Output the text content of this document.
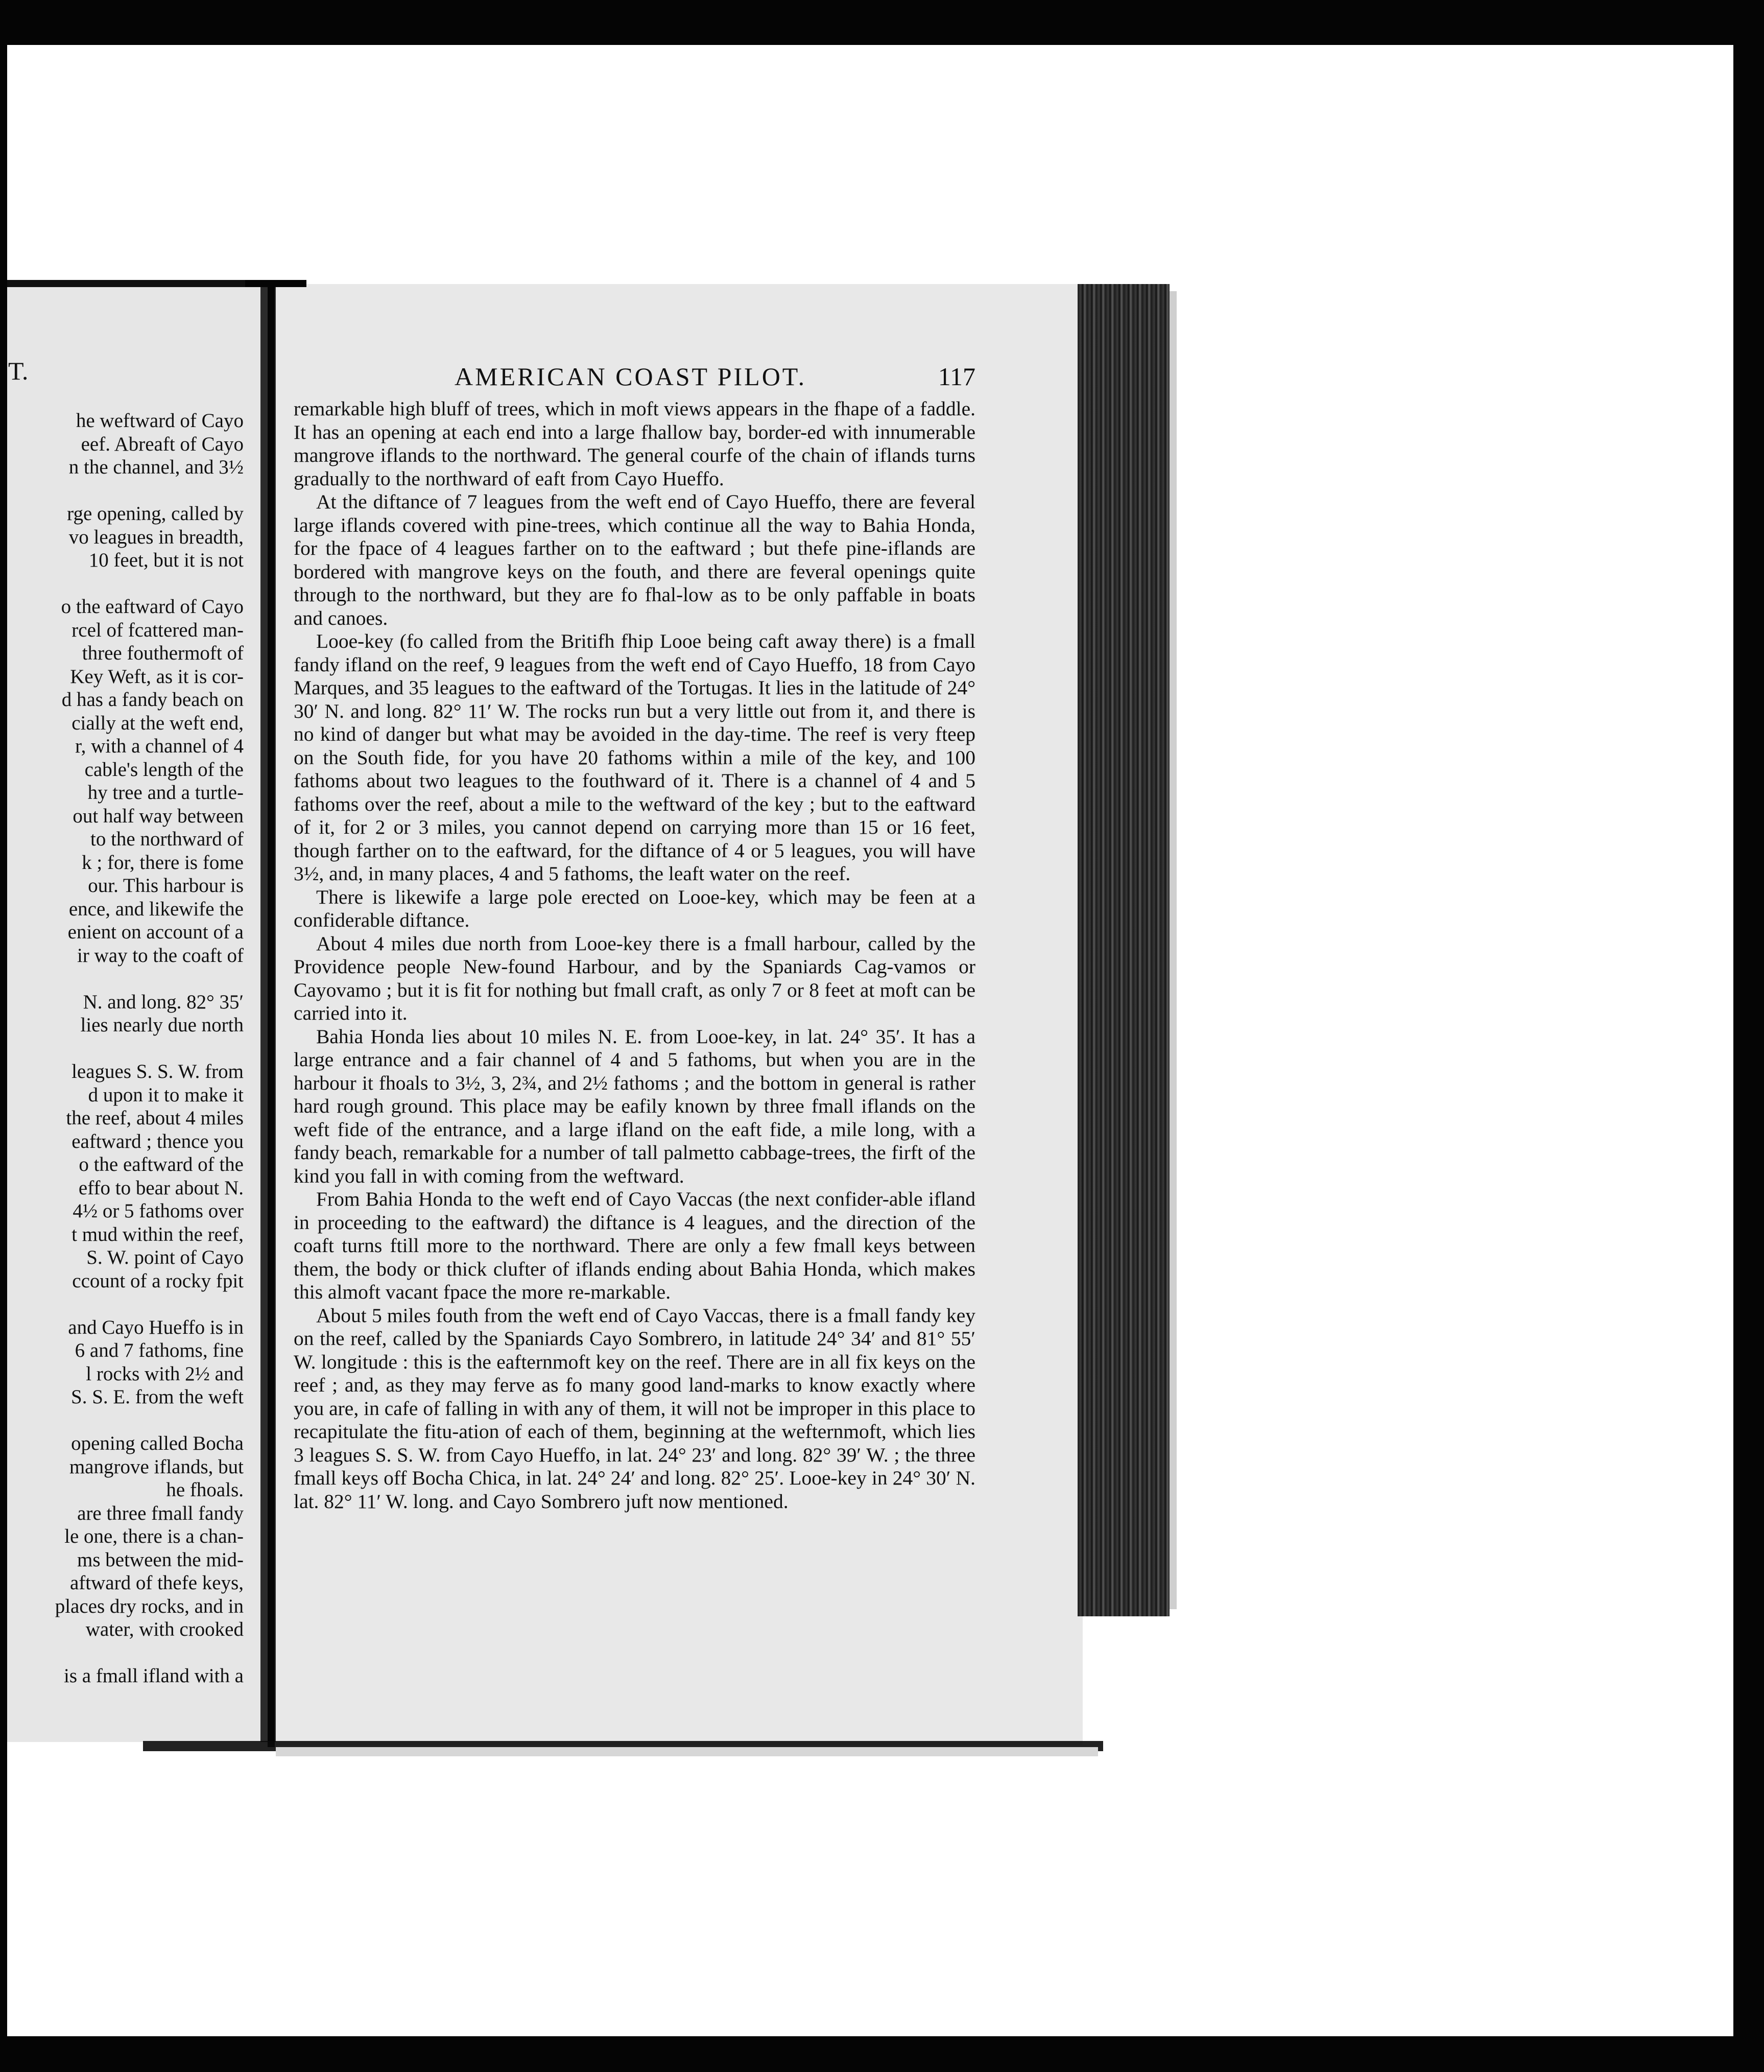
T.
he weftward of Cayo
eef. Abreaft of Cayo
n the channel, and 3½
rge opening, called by
vo leagues in breadth,
10 feet, but it is not
o the eaftward of Cayo
rcel of fcattered man-
three fouthermoft of
Key Weft, as it is cor-
d has a fandy beach on
cially at the weft end,
r, with a channel of 4
cable's length of the
hy tree and a turtle-
out half way between
to the northward of
k ; for, there is fome
our. This harbour is
ence, and likewife the
enient on account of a
ir way to the coaft of
N. and long. 82° 35′
lies nearly due north
leagues S. S. W. from
d upon it to make it
the reef, about 4 miles
eaftward ; thence you
o the eaftward of the
effo to bear about N.
4½ or 5 fathoms over
t mud within the reef,
S. W. point of Cayo
ccount of a rocky fpit
and Cayo Hueffo is in
6 and 7 fathoms, fine
l rocks with 2½ and
S. S. E. from the weft
opening called Bocha
mangrove iflands, but
he fhoals.
are three fmall fandy
le one, there is a chan-
ms between the mid-
aftward of thefe keys,
places dry rocks, and in
water, with crooked
is a fmall ifland with a
AMERICAN COAST PILOT.	117

remarkable high bluff of trees, which in moft views appears in the fhape of a faddle. It has an opening at each end into a large fhallow bay, border-ed with innumerable mangrove iflands to the northward. The general courfe of the chain of iflands turns gradually to the northward of eaft from Cayo Hueffo.

At the diftance of 7 leagues from the weft end of Cayo Hueffo, there are feveral large iflands covered with pine-trees, which continue all the way to Bahia Honda, for the fpace of 4 leagues farther on to the eaftward ; but thefe pine-iflands are bordered with mangrove keys on the fouth, and there are feveral openings quite through to the northward, but they are fo fhal-low as to be only paffable in boats and canoes.

Looe-key (fo called from the Britifh fhip Looe being caft away there) is a fmall fandy ifland on the reef, 9 leagues from the weft end of Cayo Hueffo, 18 from Cayo Marques, and 35 leagues to the eaftward of the Tortugas. It lies in the latitude of 24° 30′ N. and long. 82° 11′ W. The rocks run but a very little out from it, and there is no kind of danger but what may be avoided in the day-time. The reef is very fteep on the South fide, for you have 20 fathoms within a mile of the key, and 100 fathoms about two leagues to the fouthward of it. There is a channel of 4 and 5 fathoms over the reef, about a mile to the weftward of the key ; but to the eaftward of it, for 2 or 3 miles, you cannot depend on carrying more than 15 or 16 feet, though farther on to the eaftward, for the diftance of 4 or 5 leagues, you will have 3½, and, in many places, 4 and 5 fathoms, the leaft water on the reef.

There is likewife a large pole erected on Looe-key, which may be feen at a confiderable diftance.

About 4 miles due north from Looe-key there is a fmall harbour, called by the Providence people New-found Harbour, and by the Spaniards Cag-vamos or Cayovamo ; but it is fit for nothing but fmall craft, as only 7 or 8 feet at moft can be carried into it.

Bahia Honda lies about 10 miles N. E. from Looe-key, in lat. 24° 35′. It has a large entrance and a fair channel of 4 and 5 fathoms, but when you are in the harbour it fhoals to 3½, 3, 2¾, and 2½ fathoms ; and the bottom in general is rather hard rough ground. This place may be eafily known by three fmall iflands on the weft fide of the entrance, and a large ifland on the eaft fide, a mile long, with a fandy beach, remarkable for a number of tall palmetto cabbage-trees, the firft of the kind you fall in with coming from the weftward.

From Bahia Honda to the weft end of Cayo Vaccas (the next confider-able ifland in proceeding to the eaftward) the diftance is 4 leagues, and the direction of the coaft turns ftill more to the northward. There are only a few fmall keys between them, the body or thick clufter of iflands ending about Bahia Honda, which makes this almoft vacant fpace the more re-markable.

About 5 miles fouth from the weft end of Cayo Vaccas, there is a fmall fandy key on the reef, called by the Spaniards Cayo Sombrero, in latitude 24° 34′ and 81° 55′ W. longitude : this is the eafternmoft key on the reef. There are in all fix keys on the reef ; and, as they may ferve as fo many good land-marks to know exactly where you are, in cafe of falling in with any of them, it will not be improper in this place to recapitulate the fitu-ation of each of them, beginning at the wefternmoft, which lies 3 leagues S. S. W. from Cayo Hueffo, in lat. 24° 23′ and long. 82° 39′ W. ; the three fmall keys off Bocha Chica, in lat. 24° 24′ and long. 82° 25′. Looe-key in 24° 30′ N. lat. 82° 11′ W. long. and Cayo Sombrero juft now mentioned.
